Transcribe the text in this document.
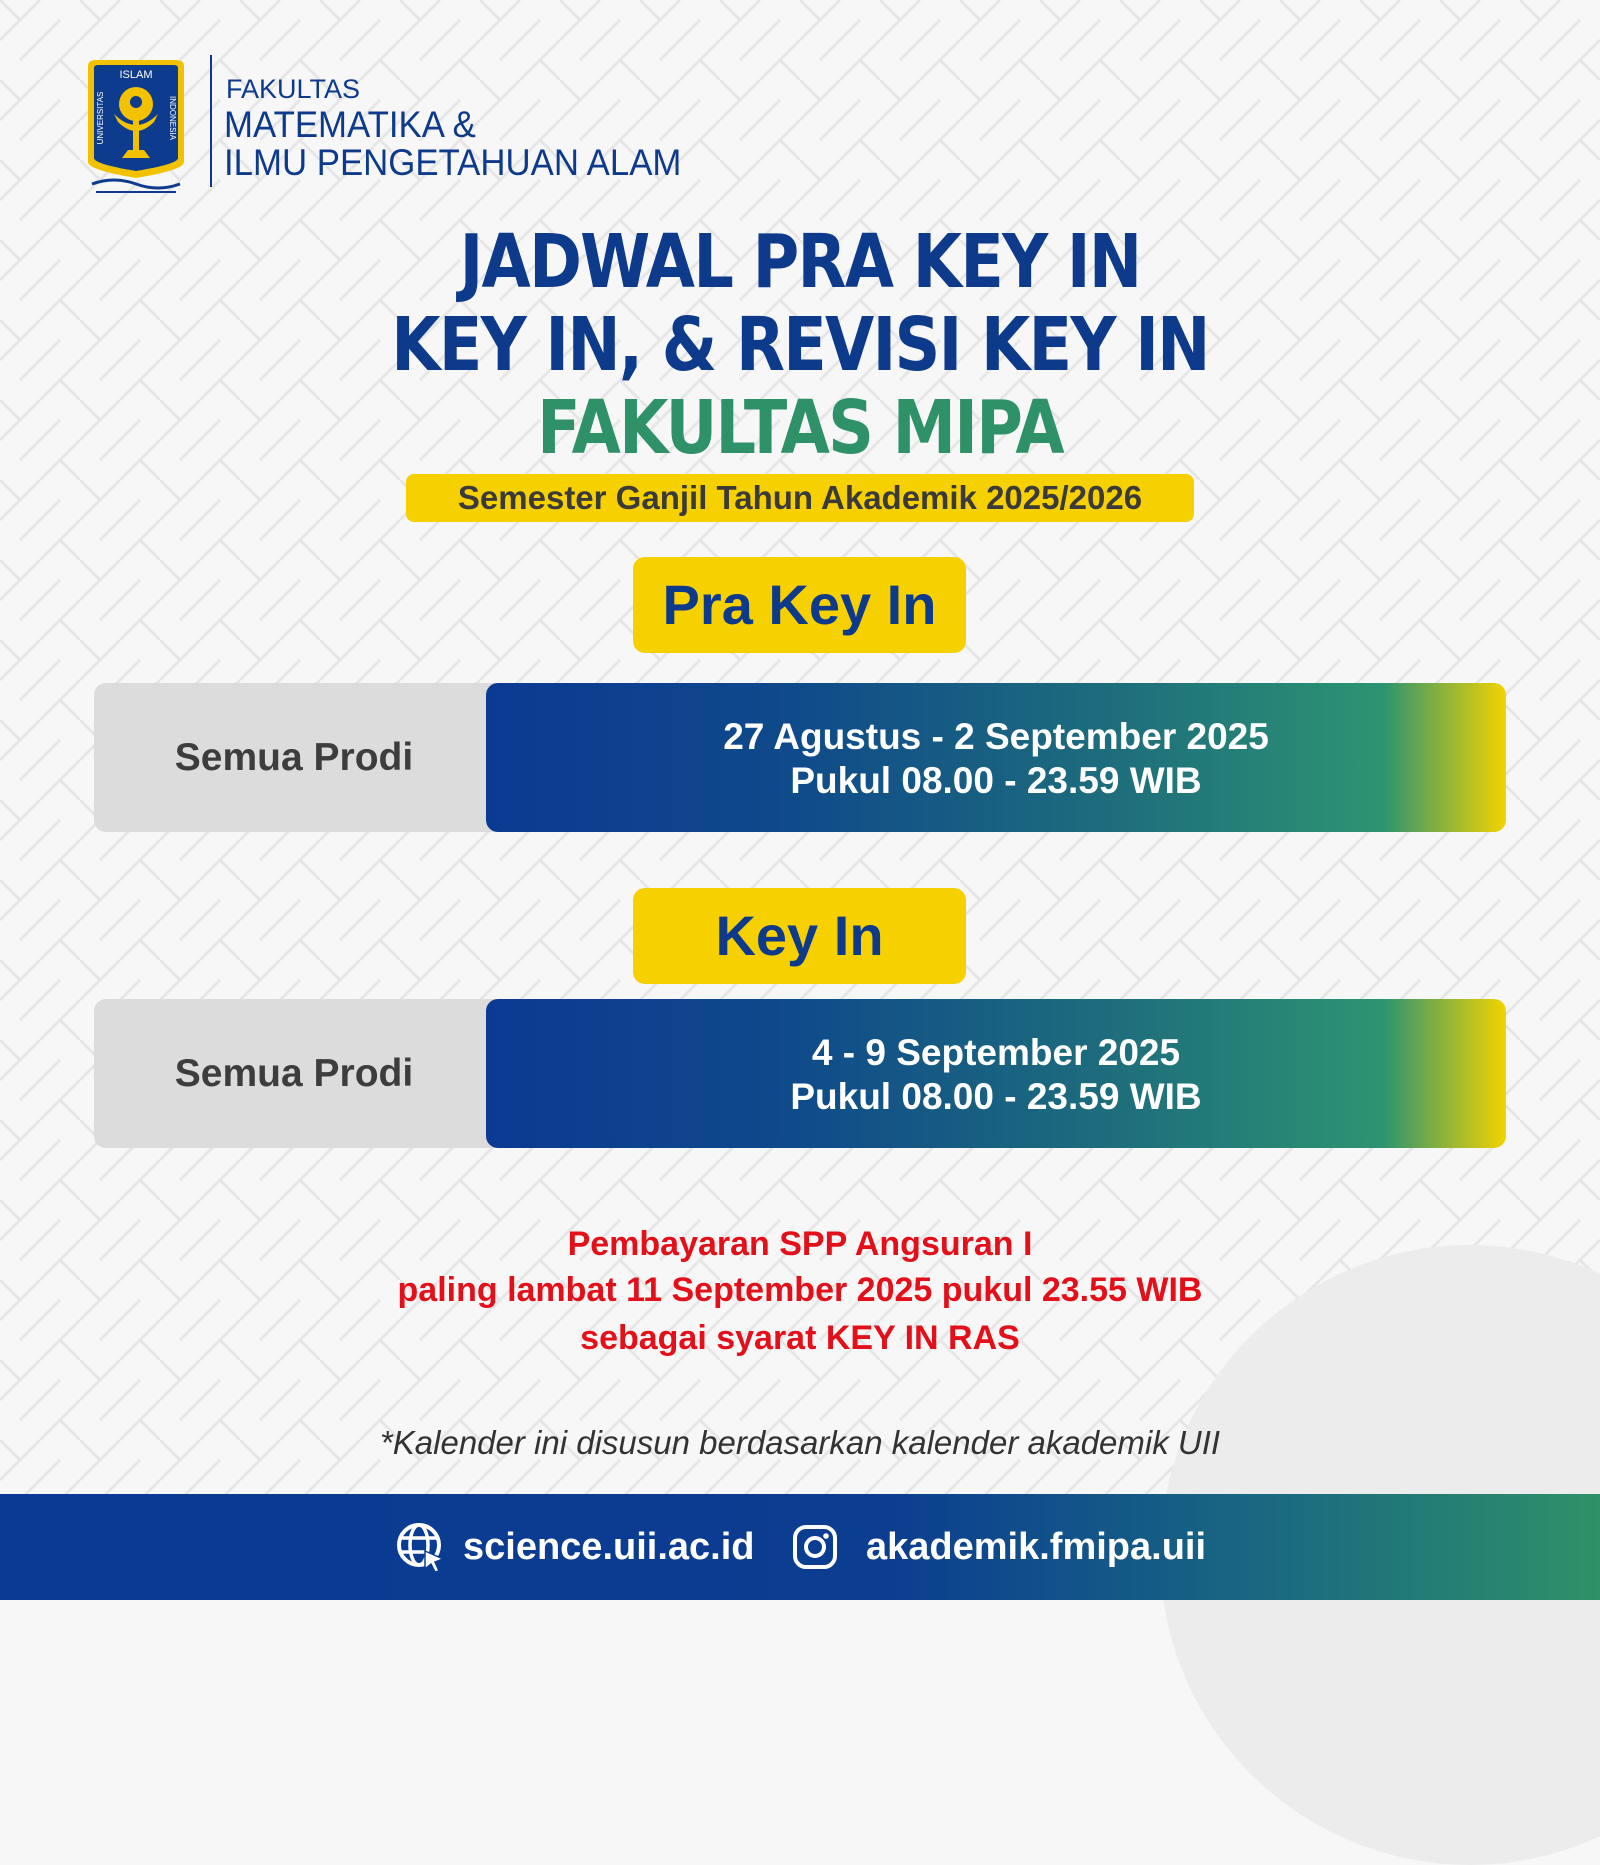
ISLAM
UNIVERSITAS	INDONESIA
FAKULTAS
MATEMATIKA &
ILMU PENGETAHUAN ALAM
JADWAL PRA KEY IN
KEY IN, & REVISI KEY IN
FAKULTAS MIPA
Semester Ganjil Tahun Akademik 2025/2026
Pra Key In
Semua Prodi	27 Agustus - 2 September 2025
Pukul 08.00 - 23.59 WIB
Key In
Semua Prodi	4 - 9 September 2025
Pukul 08.00 - 23.59 WIB
Pembayaran SPP Angsuran I
paling lambat 11 September 2025 pukul 23.55 WIB
sebagai syarat KEY IN RAS
*Kalender ini disusun berdasarkan kalender akademik UII
science.uii.ac.id	akademik.fmipa.uii
